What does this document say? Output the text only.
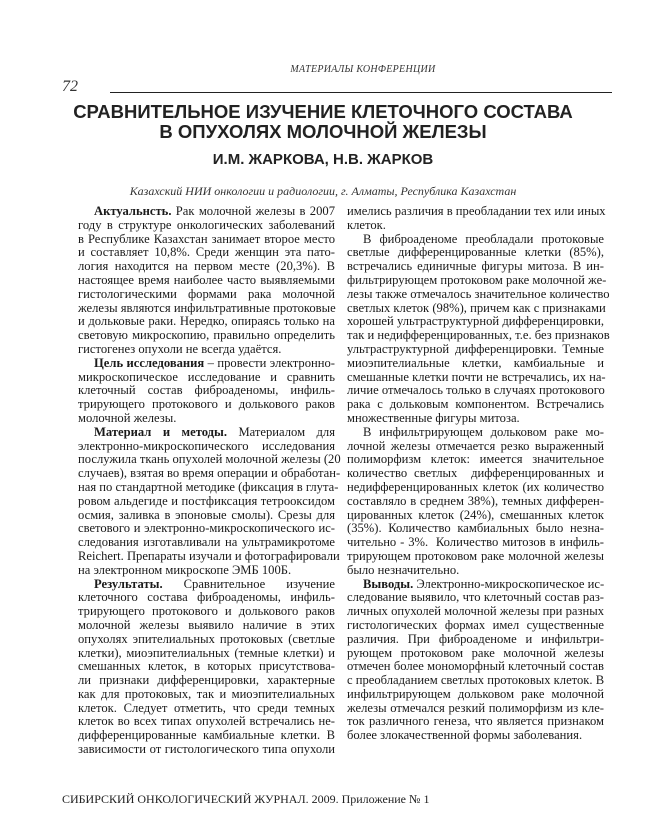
МАТЕРИАЛЫ КОНФЕРЕНЦИИ
72
СРАВНИТЕЛЬНОЕ ИЗУЧЕНИЕ КЛЕТОЧНОГО СОСТАВА
В ОПУХОЛЯХ МОЛОЧНОЙ ЖЕЛЕЗЫ
И.М. ЖАРКОВА, Н.В. ЖАРКОВ
Казахский НИИ онкологии и радиологии, г. Алматы, Республика Казахстан
Актуальнсть. Рак молочной железы в 2007
году в структуре онкологических заболеваний
в Республике Казахстан занимает второе место
и составляет 10,8%. Среди женщин эта пато-
логия находится на первом месте (20,3%). В
настоящее время наиболее часто выявляемыми
гистологическими формами рака молочной
железы являются инфильтративные протоковые
и дольковые раки. Нередко, опираясь только на
световую микроскопию, правильно определить
гистогенез опухоли не всегда удаётся.
Цель исследования – провести электронно-
микроскопическое исследование и сравнить
клеточный состав фиброаденомы, инфиль-
трирующего протокового и долькового раков
молочной железы.
Материал и методы. Материалом для
электронно-микроскопического исследования
послужила ткань опухолей молочной железы (20
случаев), взятая во время операции и обработан-
ная по стандартной методике (фиксация в глута-
ровом альдегиде и постфиксация тетрооксидом
осмия, заливка в эпоновые смолы). Срезы для
светового и электронно-микроскопического ис-
следования изготавливали на ультрамикротоме
Reichert. Препараты изучали и фотографировали
на электронном микроскопе ЭМБ 100Б.
Результаты. Сравнительное изучение
клеточного состава фиброаденомы, инфиль-
трирующего протокового и долькового раков
молочной железы выявило наличие в этих
опухолях эпителиальных протоковых (светлые
клетки), миоэпителиальных (темные клетки) и
смешанных клеток, в которых присутствова-
ли признаки дифференцировки, характерные
как для протоковых, так и миоэпителиальных
клеток. Следует отметить, что среди темных
клеток во всех типах опухолей встречались не-
дифференцированные камбиальные клетки. В
зависимости от гистологического типа опухоли
имелись различия в преобладании тех или иных
клеток.
В фиброаденоме преобладали протоковые
светлые дифференцированные клетки (85%),
встречались единичные фигуры митоза. В ин-
фильтрирующем протоковом раке молочной же-
лезы также отмечалось значительное количество
светлых клеток (98%), причем как с признаками
хорошей ультраструктурной дифференцировки,
так и недифференцированных, т.е. без признаков
ультраструктурной дифференцировки. Темные
миоэпителиальные клетки, камбиальные и
смешанные клетки почти не встречались, их на-
личие отмечалось только в случаях протокового
рака с дольковым компонентом. Встречались
множественные фигуры митоза.
В инфильтрирующем дольковом раке мо-
лочной железы отмечается резко выраженный
полиморфизм клеток: имеется значительное
количество светлых  дифференцированных и
недифференцированных клеток (их количество
составляло в среднем 38%), темных дифферен-
цированных клеток (24%), смешанных клеток
(35%). Количество камбиальных было незна-
чительно - 3%.  Количество митозов в инфиль-
трирующем протоковом раке молочной железы
было незначительно.
Выводы. Электронно-микроскопическое ис-
следование выявило, что клеточный состав раз-
личных опухолей молочной железы при разных
гистологических формах имел существенные
различия. При фиброаденоме и инфильтри-
рующем протоковом раке молочной железы
отмечен более мономорфный клеточный состав
с преобладанием светлых протоковых клеток. В
инфильтрирующем дольковом раке молочной
железы отмечался резкий полиморфизм из кле-
ток различного генеза, что является признаком
более злокачественной формы заболевания.
СИБИРСКИЙ ОНКОЛОГИЧЕСКИЙ ЖУРНАЛ. 2009. Приложение № 1
